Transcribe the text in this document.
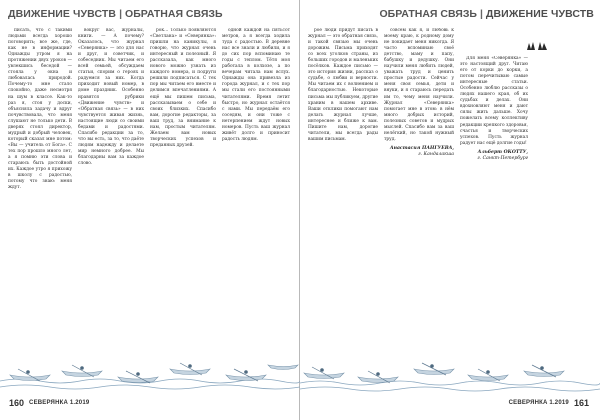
ДВИЖЕНИЕ ЧУВСТВ | ОБРАТНАЯ СВЯЗЬ

писать, что с такими людьми всегда хорошо поговорить; все же, где, как не в информации? Однажды утром я на протяжении двух уроков — увлекшись беседой — стояла у окна и любовалась природой. Почему-то мне стало спокойно, даже несмотря на шум в классе. Как-то раз я, стоя у доски, объясняла задачу и вдруг почувствовала, что меня слушают не только дети. В дверях стоял директор, мудрый и добрый человек, который сказал мне потом: «Вы — учитель от Бога». С тех пор прошло много лет, а я помню эти слова и стараюсь быть достойной их. Каждое утро я прихожу в школу с радостью, потому что знаю: меня ждут.

вокруг вас, журналы, книги. — А почему? Оказалось, что журнал «Северянка» — это для нас и друг, и советчик, и собеседник. Мы читаем его всей семьей, обсуждаем статьи, спорим о героях и радуемся за них. Когда приходит новый номер, в доме праздник. Особенно нравятся рубрики «Движение чувств» и «Обратная связь» — в них чувствуется живая жизнь, настоящие люди со своими бедами и радостями. Спасибо редакции за то, что вы есть, за то, что даёте людям надежду и делаете мир немного добрее. Мы благодарны вам за каждое слово.

рок... Только появляются «Светлана» и «Северянка»: пришли на каникулы, я говорю, что журнал очень интересный и полезный. Я рассказала, как много нового можно узнать из каждого номера, и подруги решили подписаться. С тех пор мы читаем его вместе и делимся впечатлениями. А ещё мы пишем письма, рассказываем о себе и своих близких. Спасибо вам, дорогие редакторы, за ваш труд, за внимание к нам, простым читателям. Желаем вам новых творческих успехов и преданных друзей.

одной каждой на пятьсот метров, а я всегда ходила туда с радостью. В деревне нас все знали и любили, и я до сих пор вспоминаю те годы с теплом. Тётя моя работала в колхозе, а по вечерам читала нам вслух. Однажды она привезла из города журнал, и с тех пор мы стали его постоянными читателями. Время летит быстро, но журнал остаётся с нами. Мы передаём его соседям, и они тоже с нетерпением ждут новых номеров. Пусть ваш журнал живёт долго и приносит радость людям.

160 СЕВЕРЯНКА 1.2019
ОБРАТНАЯ СВЯЗЬ | ДВИЖЕНИЕ ЧУВСТВ

рое люди придут писать в журнал — это обратная связь, и такой связью мы очень дорожим. Письма приходят со всех уголков страны, из больших городов и маленьких посёлков. Каждое письмо — это история жизни, рассказ о судьбе, о любви и верности. Мы читаем их с волнением и благодарностью. Некоторые письма мы публикуем, другие храним в нашем архиве. Ваши отклики помогают нам делать журнал лучше, интереснее и ближе к вам. Пишите нам, дорогие читатели, мы всегда рады вашим письмам.

совсем как я, и любовь к моему краю, к родному дому не покидает меня никогда. Я часто вспоминаю своё детство, маму и папу, бабушку и дедушку. Они научили меня любить людей, уважать труд и ценить простые радости. Сейчас у меня своя семья, дети и внуки, и я стараюсь передать им то, чему меня научили. Журнал «Северянка» помогает мне в этом: в нём много добрых историй, полезных советов и мудрых мыслей. Спасибо вам за ваш нелёгкий, но такой нужный труд.

Анастасия ПАНГУЕВА,
г. Кандалакша

Для меня «Северянка» — это настоящий друг. Читаю его от корки до корки, а потом перечитываю самые интересные статьи. Особенно люблю рассказы о людях нашего края, об их судьбах и делах. Они вдохновляют меня и дают силы жить дальше. Хочу пожелать всему коллективу редакции крепкого здоровья, счастья и творческих успехов. Пусть журнал радует нас ещё долгие годы!

Альберт ОКОТТУ,
г. Санкт-Петербург
СЕВЕРЯНКА 1.2019 161
